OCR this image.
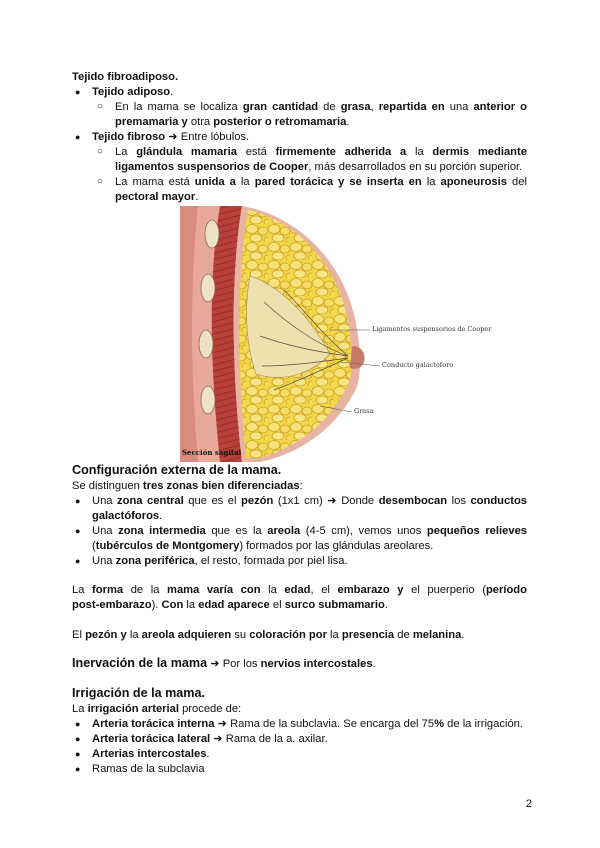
Tejido fibroadiposo.
● Tejido adiposo.
○ En la mama se localiza gran cantidad de grasa, repartida en una anterior o
premamaria y otra posterior o retromamaria.
● Tejido fibroso ➜ Entre lóbulos.
○ La glándula mamaria está firmemente adherida a la dermis mediante
ligamentos suspensorios de Cooper, más desarrollados en su porción superior.
○ La mama está unida a la pared torácica y se inserta en la aponeurosis del
pectoral mayor.
Ligamentos suspensorios de Cooper
Conducto galactóforo
Grasa
Sección sagital
Configuración externa de la mama.
Se distinguen tres zonas bien diferenciadas:
● Una zona central que es el pezón (1x1 cm) ➜ Donde desembocan los conductos
galactóforos.
● Una zona intermedia que es la areola (4-5 cm), vemos unos pequeños relieves
(tubérculos de Montgomery) formados por las glándulas areolares.
● Una zona periférica, el resto, formada por piel lisa.
La forma de la mama varía con la edad, el embarazo y el puerperio (período
post-embarazo). Con la edad aparece el surco submamario.
El pezón y la areola adquieren su coloración por la presencia de melanina.
Inervación de la mama ➜ Por los nervios intercostales.
Irrigación de la mama.
La irrigación arterial procede de:
● Arteria torácica interna ➜ Rama de la subclavia. Se encarga del 75% de la irrigación.
● Arteria torácica lateral ➜ Rama de la a. axilar.
● Arterias intercostales.
● Ramas de la subclavia
2
